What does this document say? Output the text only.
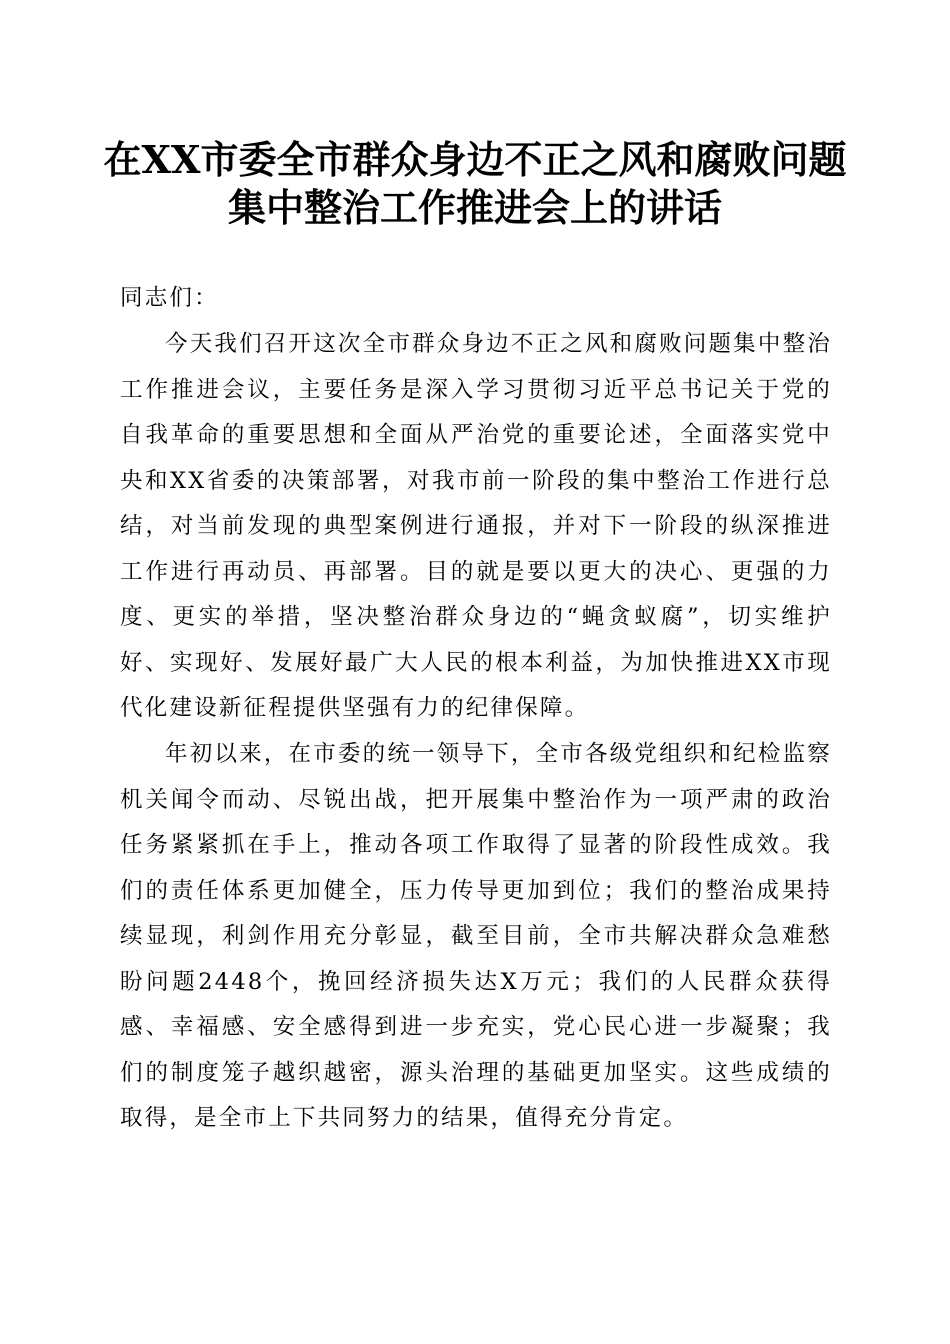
在XX市委全市群众身边不正之风和腐败问题
集中整治工作推进会上的讲话

同志们：

今天我们召开这次全市群众身边不正之风和腐败问题集中整治工作推进会议，主要任务是深入学习贯彻习近平总书记关于党的自我革命的重要思想和全面从严治党的重要论述，全面落实党中央和XX省委的决策部署，对我市前一阶段的集中整治工作进行总结，对当前发现的典型案例进行通报，并对下一阶段的纵深推进工作进行再动员、再部署。目的就是要以更大的决心、更强的力度、更实的举措，坚决整治群众身边的“蝇贪蚁腐”，切实维护好、实现好、发展好最广大人民的根本利益，为加快推进XX市现代化建设新征程提供坚强有力的纪律保障。

年初以来，在市委的统一领导下，全市各级党组织和纪检监察机关闻令而动、尽锐出战，把开展集中整治作为一项严肃的政治任务紧紧抓在手上，推动各项工作取得了显著的阶段性成效。我们的责任体系更加健全，压力传导更加到位；我们的整治成果持续显现，利剑作用充分彰显，截至目前，全市共解决群众急难愁盼问题2448个，挽回经济损失达X万元；我们的人民群众获得感、幸福感、安全感得到进一步充实，党心民心进一步凝聚；我们的制度笼子越织越密，源头治理的基础更加坚实。这些成绩的取得，是全市上下共同努力的结果，值得充分肯定。
